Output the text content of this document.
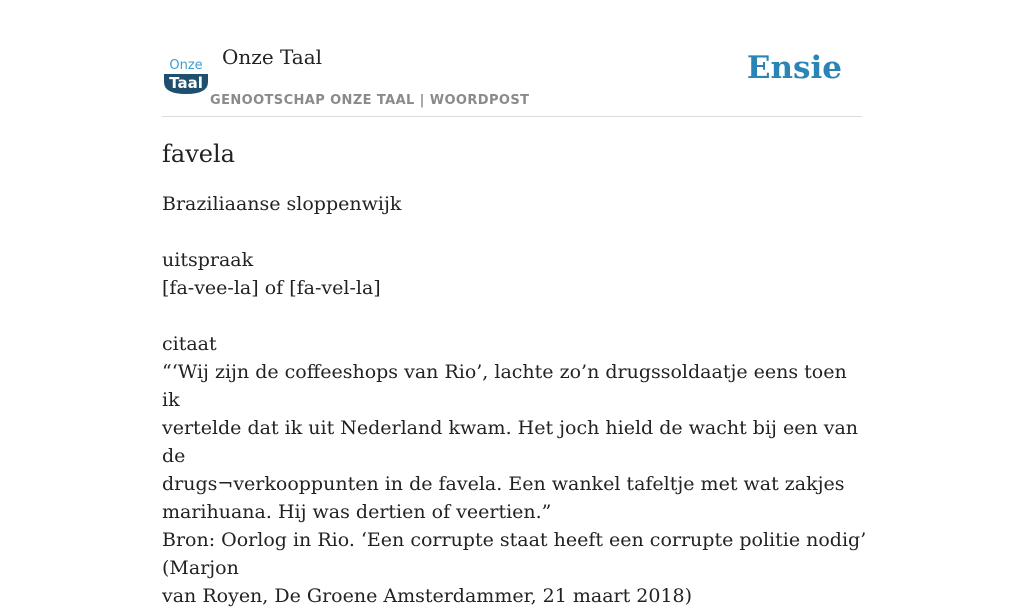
Onze
Taal
Onze Taal
GENOOTSCHAP ONZE TAAL | WOORDPOST
Ensie
favela

Braziliaanse sloppenwijk

uitspraak

[fa-vee-la] of [fa-vel-la]

citaat

“‘Wij zijn de coffeeshops van Rio’, lachte zo’n drugssoldaatje eens toen ik

vertelde dat ik uit Nederland kwam. Het joch hield de wacht bij een van de

drugs¬verkooppunten in de favela. Een wankel tafeltje met wat zakjes

marihuana. Hij was dertien of veertien.”

Bron: Oorlog in Rio. ‘Een corrupte staat heeft een corrupte politie nodig’ (Marjon

van Royen, De Groene Amsterdammer, 21 maart 2018)
